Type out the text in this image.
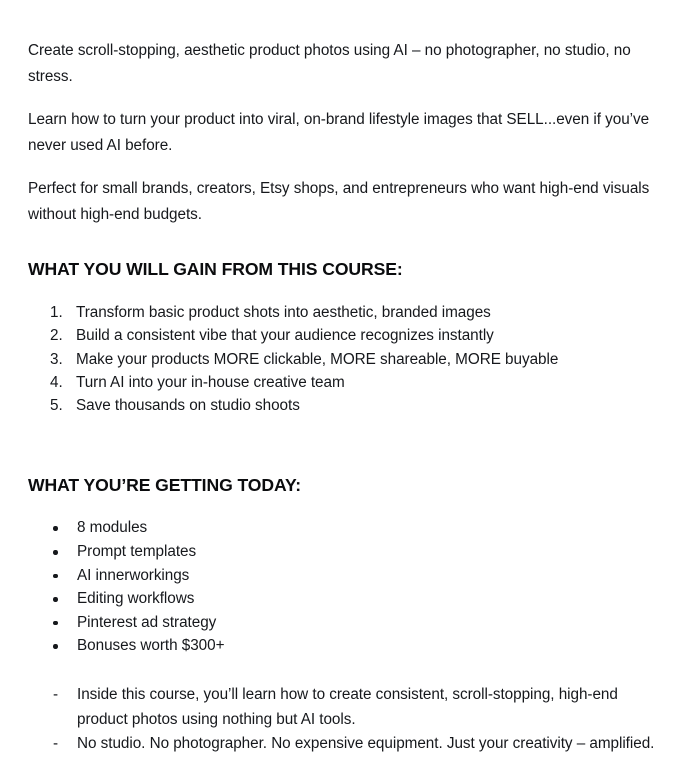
Create scroll-stopping, aesthetic product photos using AI – no photographer, no studio, no stress.

Learn how to turn your product into viral, on-brand lifestyle images that SELL...even if you’ve never used AI before.

Perfect for small brands, creators, Etsy shops, and entrepreneurs who want high-end visuals without high-end budgets.

WHAT YOU WILL GAIN FROM THIS COURSE:
Transform basic product shots into aesthetic, branded images
Build a consistent vibe that your audience recognizes instantly
Make your products MORE clickable, MORE shareable, MORE buyable
Turn AI into your in-house creative team
Save thousands on studio shoots
WHAT YOU’RE GETTING TODAY:
8 modules
Prompt templates
AI innerworkings
Editing workflows
Pinterest ad strategy
Bonuses worth $300+
- Inside this course, you’ll learn how to create consistent, scroll-stopping, high-end product photos using nothing but AI tools.
- No studio. No photographer. No expensive equipment. Just your creativity – amplified.
